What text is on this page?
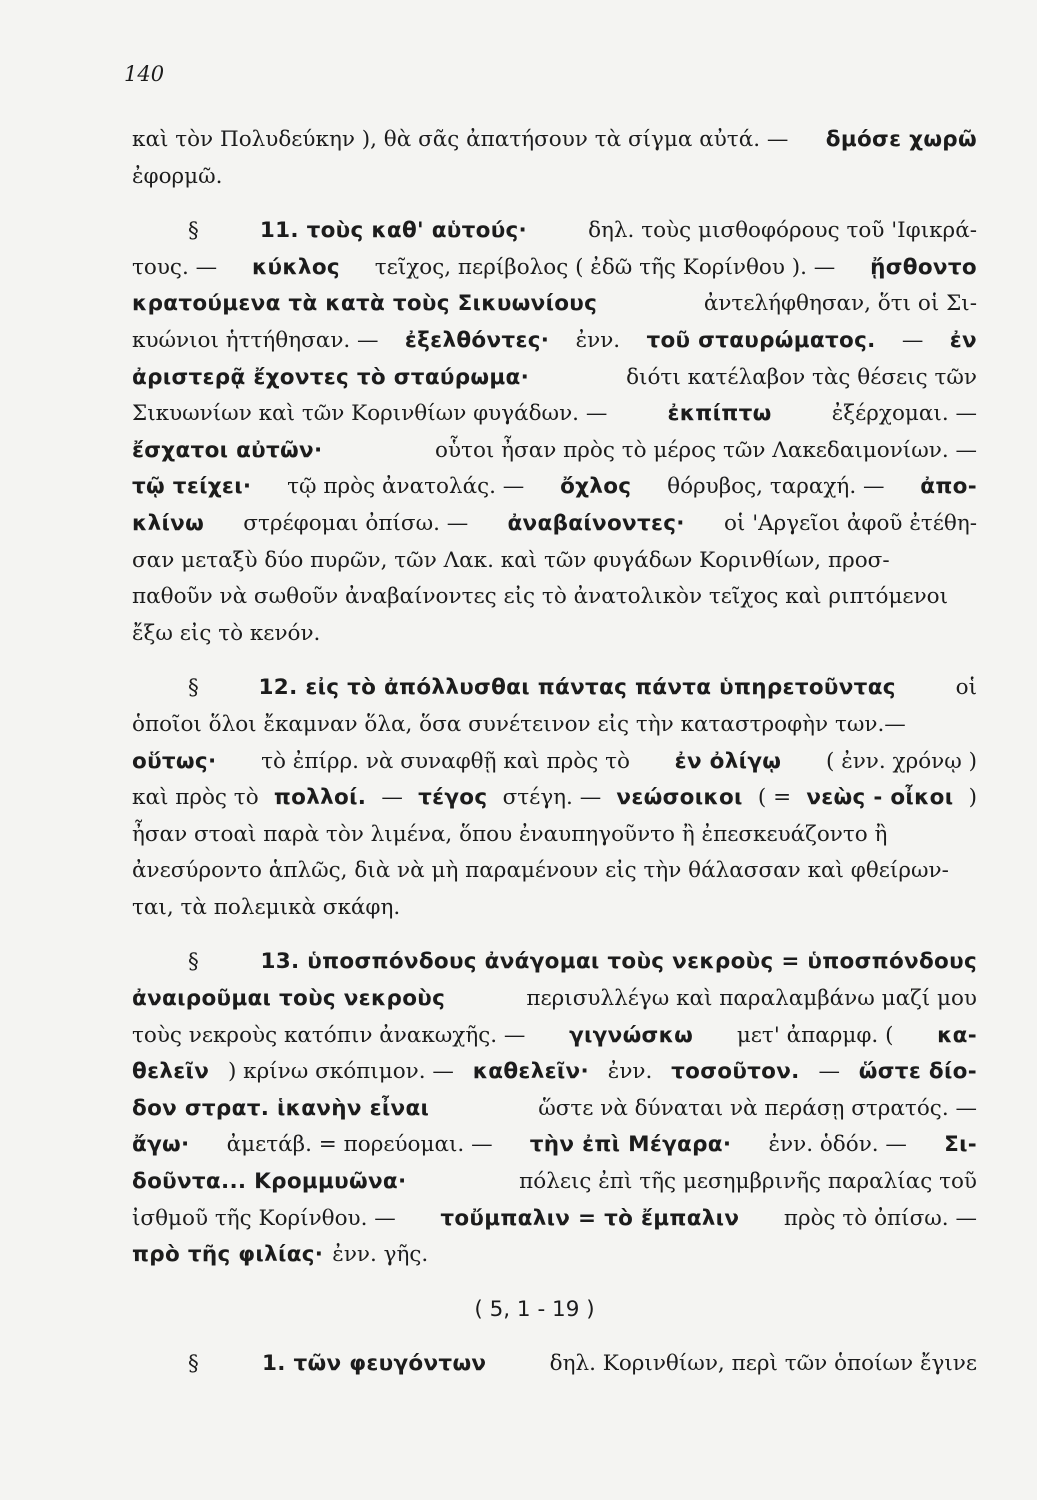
140
καὶ τὸν Πολυδεύκην ), θὰ σᾶς ἀπατήσουν τὰ σίγμα αὐτά. — δμόσε χωρῶ
ἐφορμῶ.
§	11. τοὺς καθ' αὑτούς·	δηλ. τοὺς μισθοφόρους τοῦ 'Ιφικρά-
τους. — κύκλος τεῖχος, περίβολος ( ἐδῶ τῆς Κορίνθου ). — ᾔσθοντο
κρατούμενα τὰ κατὰ τοὺς Σικυωνίους	ἀντελήφθησαν, ὅτι οἱ Σι-
κυώνιοι ἡττήθησαν. — ἐξελθόντες· ἐνν. τοῦ σταυρώματος. — ἐν
ἀριστερᾷ ἔχοντες τὸ σταύρωμα·	διότι κατέλαβον τὰς θέσεις τῶν
Σικυωνίων καὶ τῶν Κορινθίων φυγάδων. —	ἐκπίπτω	ἐξέρχομαι. —
ἔσχατοι αὐτῶν·	οὗτοι ἦσαν πρὸς τὸ μέρος τῶν Λακεδαιμονίων. —
τῷ τείχει· τῷ πρὸς ἀνατολάς. — ὄχλος θόρυβος, ταραχή. — ἀπο-
κλίνω στρέφομαι ὀπίσω. — ἀναβαίνοντες· οἱ 'Αργεῖοι ἀφοῦ ἐτέθη-
σαν μεταξὺ δύο πυρῶν, τῶν Λακ. καὶ τῶν φυγάδων Κορινθίων, προσ-
παθοῦν νὰ σωθοῦν ἀναβαίνοντες εἰς τὸ ἀνατολικὸν τεῖχος καὶ ριπτόμενοι
ἔξω εἰς τὸ κενόν.
§	12. εἰς τὸ ἀπόλλυσθαι πάντας πάντα ὑπηρετοῦντας	οἱ
ὁποῖοι ὅλοι ἔκαμναν ὅλα, ὅσα συνέτεινον εἰς τὴν καταστροφὴν των.—
οὕτως· τὸ ἐπίρρ. νὰ συναφθῇ καὶ πρὸς τὸ ἐν ὀλίγῳ ( ἐνν. χρόνῳ )
καὶ πρὸς τὸ πολλοί. — τέγος στέγη. — νεώσοικοι ( = νεὼς - οἶκοι )
ἦσαν στοαὶ παρὰ τὸν λιμένα, ὅπου ἐναυπηγοῦντο ἢ ἐπεσκευάζοντο ἢ
ἀνεσύροντο ἁπλῶς, διὰ νὰ μὴ παραμένουν εἰς τὴν θάλασσαν καὶ φθείρων-
ται, τὰ πολεμικὰ σκάφη.
§	13. ὑποσπόνδους ἀνάγομαι τοὺς νεκροὺς = ὑποσπόνδους
ἀναιροῦμαι τοὺς νεκροὺς	περισυλλέγω καὶ παραλαμβάνω μαζί μου
τοὺς νεκροὺς κατόπιν ἀνακωχῆς. — γιγνώσκω μετ' ἀπαρμφ. ( κα-
θελεῖν ) κρίνω σκόπιμον. — καθελεῖν· ἐνν. τοσοῦτον. — ὥστε δίο-
δον στρατ. ἱκανὴν εἶναι	ὥστε νὰ δύναται νὰ περάσῃ στρατός. —
ἄγω· ἀμετάβ. = πορεύομαι. — τὴν ἐπὶ Μέγαρα· ἐνν. ὁδόν. — Σι-
δοῦντα... Κρομμυῶνα·	πόλεις ἐπὶ τῆς μεσημβρινῆς παραλίας τοῦ
ἰσθμοῦ τῆς Κορίνθου. — τοὔμπαλιν = τὸ ἔμπαλιν πρὸς τὸ ὀπίσω. —
πρὸ τῆς φιλίας· ἐνν. γῆς.
( 5, 1 - 19 )
§	1. τῶν φευγόντων	δηλ. Κορινθίων, περὶ τῶν ὁποίων ἔγινε
